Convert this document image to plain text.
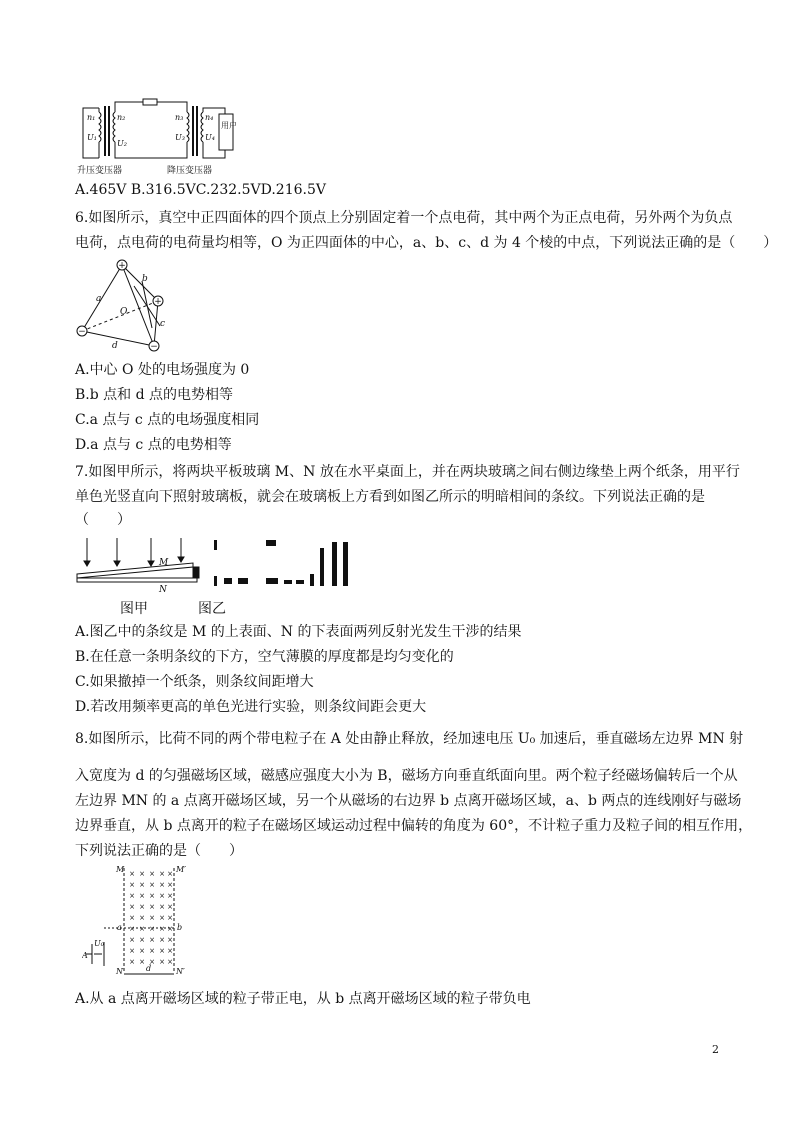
n₁
U₁
n₂
U₂
n₃
U₃
n₄
U₄
用户
升压变压器	降压变压器
A.465V B.316.5VC.232.5VD.216.5V
6.如图所示，真空中正四面体的四个顶点上分别固定着一个点电荷，其中两个为正点电荷，另外两个为负点
电荷，点电荷的电荷量均相等，O 为正四面体的中心，a、b、c、d 为 4 个棱的中点，下列说法正确的是（　　）
+
+
−
−
a
b
c
d
O
A.中心 O 处的电场强度为 0
B.b 点和 d 点的电势相等
C.a 点与 c 点的电场强度相同
D.a 点与 c 点的电势相等
7.如图甲所示，将两块平板玻璃 M、N 放在水平桌面上，并在两块玻璃之间右侧边缘垫上两个纸条，用平行
单色光竖直向下照射玻璃板，就会在玻璃板上方看到如图乙所示的明暗相间的条纹。下列说法正确的是
（　　）
M
N
图甲	图乙
A.图乙中的条纹是 M 的上表面、N 的下表面两列反射光发生干涉的结果
B.在任意一条明条纹的下方，空气薄膜的厚度都是均匀变化的
C.如果撤掉一个纸条，则条纹间距增大
D.若改用频率更高的单色光进行实验，则条纹间距会更大
8.如图所示，比荷不同的两个带电粒子在 A 处由静止释放，经加速电压 U₀ 加速后，垂直磁场左边界 MN 射
入宽度为 d 的匀强磁场区域，磁感应强度大小为 B，磁场方向垂直纸面向里。两个粒子经磁场偏转后一个从
左边界 MN 的 a 点离开磁场区域，另一个从磁场的右边界 b 点离开磁场区域，a、b 两点的连线刚好与磁场
边界垂直，从 b 点离开的粒子在磁场区域运动过程中偏转的角度为 60°，不计粒子重力及粒子间的相互作用，
下列说法正确的是（　　）
× × × × ×
× × × × ×
× × × × ×
× × × × ×
× × × × ×
× × × × ×
× × × × ×
× × × × ×
× × × × ×
M	M′
a	b
N	N′
U₀
A
d
A.从 a 点离开磁场区域的粒子带正电，从 b 点离开磁场区域的粒子带负电
2
